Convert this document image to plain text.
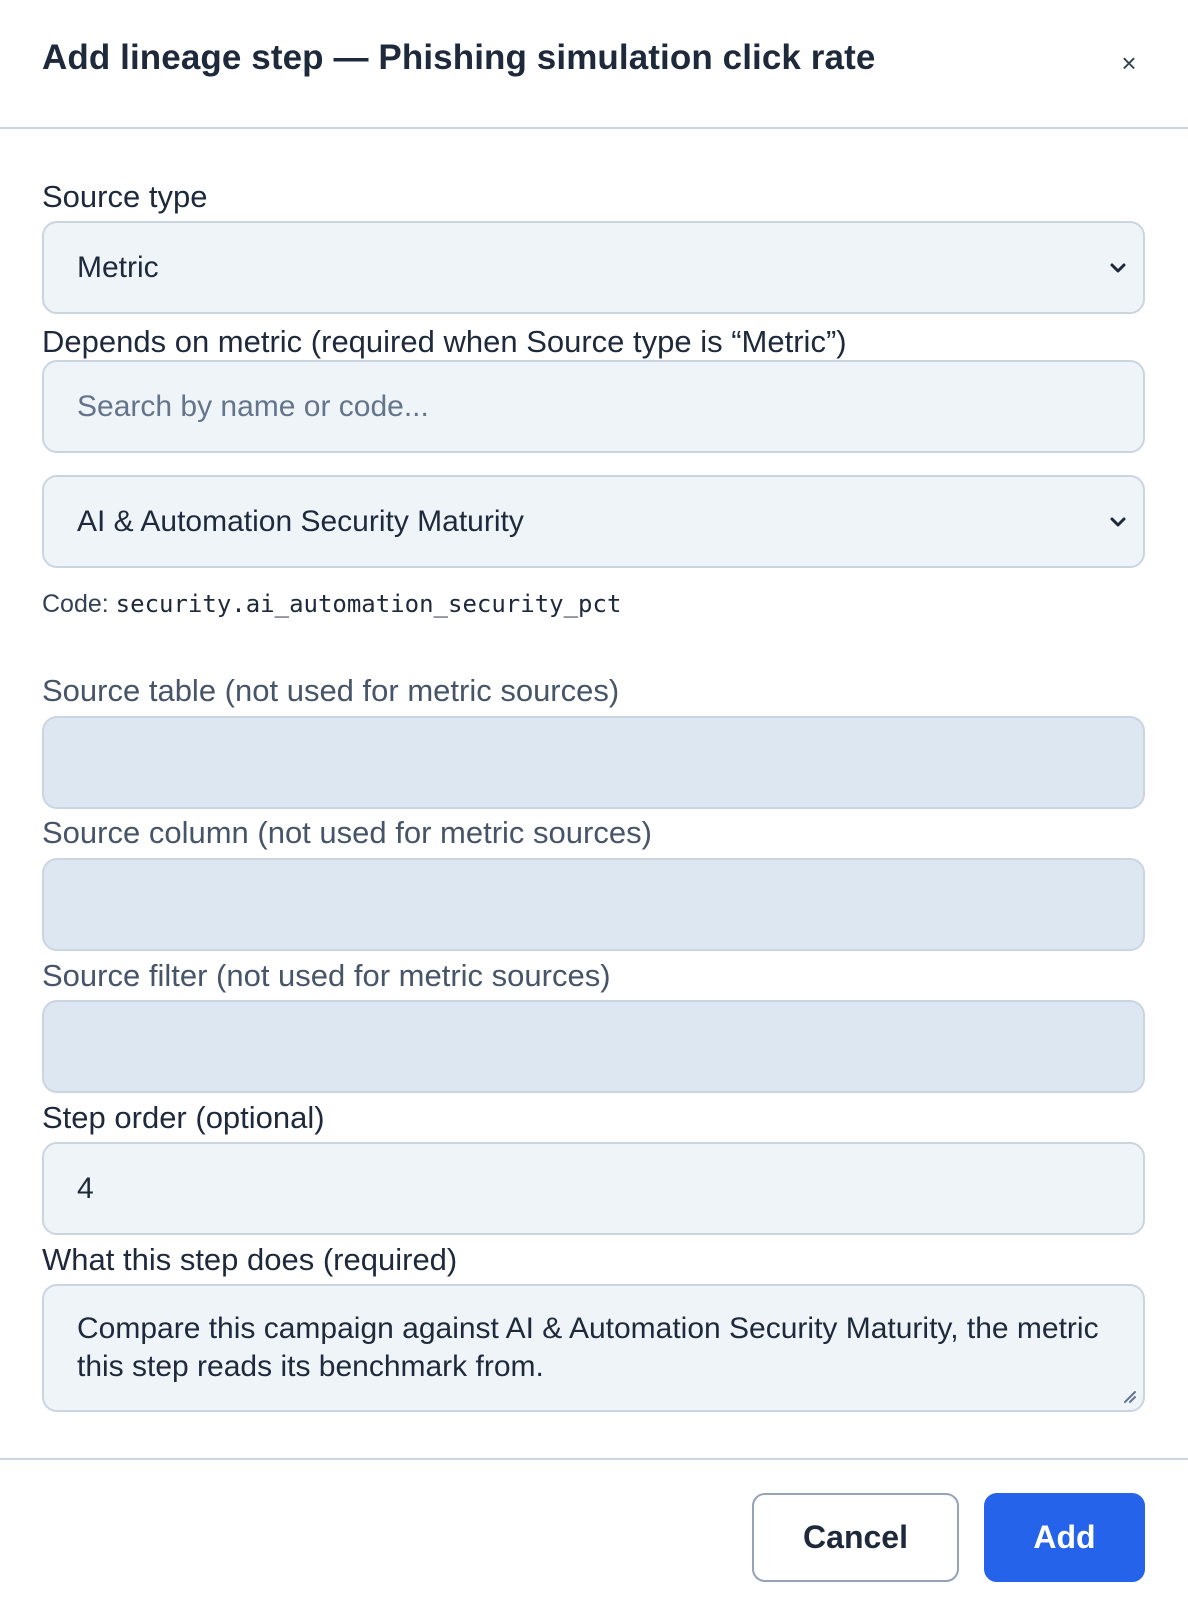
Add lineage step — Phishing simulation click rate	×
Source type
Metric
Depends on metric (required when Source type is “Metric”)
Search by name or code...
AI & Automation Security Maturity
Code: security.ai_automation_security_pct
Source table (not used for metric sources)
Source column (not used for metric sources)
Source filter (not used for metric sources)
Step order (optional)
4
What this step does (required)
Compare this campaign against AI & Automation Security Maturity, the metric this step reads its benchmark from.
Cancel	Add
